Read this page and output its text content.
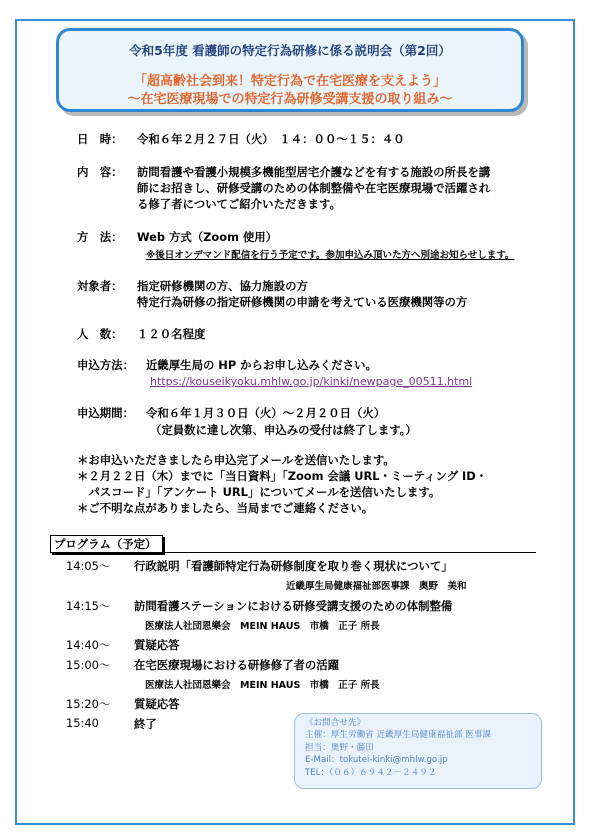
令和5年度 看護師の特定行為研修に係る説明会（第2回）
「超高齢社会到来！特定行為で在宅医療を支えよう」
～在宅医療現場での特定行為研修受講支援の取り組み～
日　時： 令和６年２月２７日（火）　１４：００～１５：４０
内　容： 訪問看護や看護小規模多機能型居宅介護などを有する施設の所長を講
師にお招きし、研修受講のための体制整備や在宅医療現場で活躍され
る修了者についてご紹介いただきます。
方　法： Web 方式（Zoom 使用）
※後日オンデマンド配信を行う予定です。参加申込み頂いた方へ別途お知らせします。
対象者： 指定研修機関の方、協力施設の方
特定行為研修の指定研修機関の申請を考えている医療機関等の方
人　数： １２０名程度
申込方法： 近畿厚生局の HP からお申し込みください。
https://kouseikyoku.mhlw.go.jp/kinki/newpage_00511.html
申込期間： 令和６年１月３０日（火）～２月２０日（火）
（定員数に達し次第、申込みの受付は終了します。）
＊お申込いただきましたら申込完了メールを送信いたします。
＊２月２２日（木）までに「当日資料」「Zoom 会議 URL・ミーティング ID・
　パスコード」「アンケート URL」についてメールを送信いたします。
＊ご不明な点がありましたら、当局までご連絡ください。
プログラム（予定）
14:05～ 行政説明「看護師特定行為研修制度を取り巻く現状について」
近畿厚生局健康福祉部医事課　奥野　美和
14:15～ 訪問看護ステーションにおける研修受講支援のための体制整備
医療法人社団恩樂会　MEIN HAUS　市橋　正子 所長
14:40～ 質疑応答
15:00～ 在宅医療現場における研修修了者の活躍
医療法人社団恩樂会　MEIN HAUS　市橋　正子 所長
15:20～ 質疑応答
15:40	終了	《お問合せ先》
主催：厚生労働省 近畿厚生局健康福祉部 医事課
担当：奥野・藤田
E-Mail：tokutei-kinki@mhlw.go.jp
TEL：（０６）６９４２－２４９２
